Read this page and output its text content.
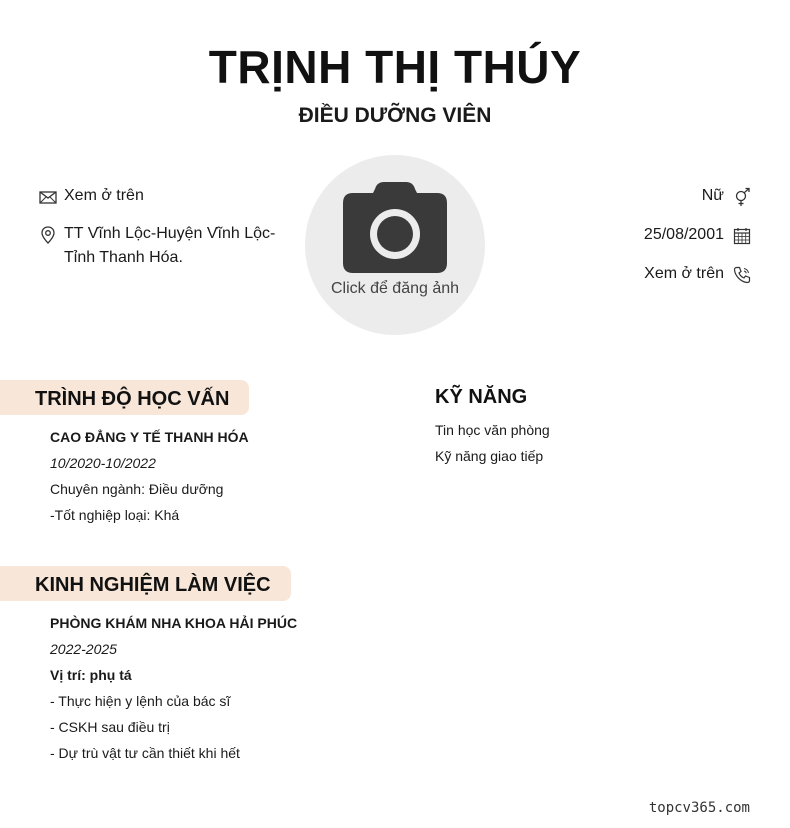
TRỊNH THỊ THÚY
ĐIỀU DƯỠNG VIÊN
Xem ở trên
TT Vĩnh Lộc-Huyện Vĩnh Lộc-Tỉnh Thanh Hóa.
Click để đăng ảnh
Nữ
25/08/2001
Xem ở trên
TRÌNH ĐỘ HỌC VẤN
CAO ĐẲNG Y TẾ THANH HÓA
10/2020-10/2022
Chuyên ngành: Điều dưỡng
-Tốt nghiệp loại: Khá
KỸ NĂNG
Tin học văn phòng
Kỹ năng giao tiếp
KINH NGHIỆM LÀM VIỆC
PHÒNG KHÁM NHA KHOA HẢI PHÚC
2022-2025
Vị trí: phụ tá
- Thực hiện y lệnh của bác sĩ
- CSKH sau điều trị
- Dự trù vật tư cần thiết khi hết
topcv365.com
